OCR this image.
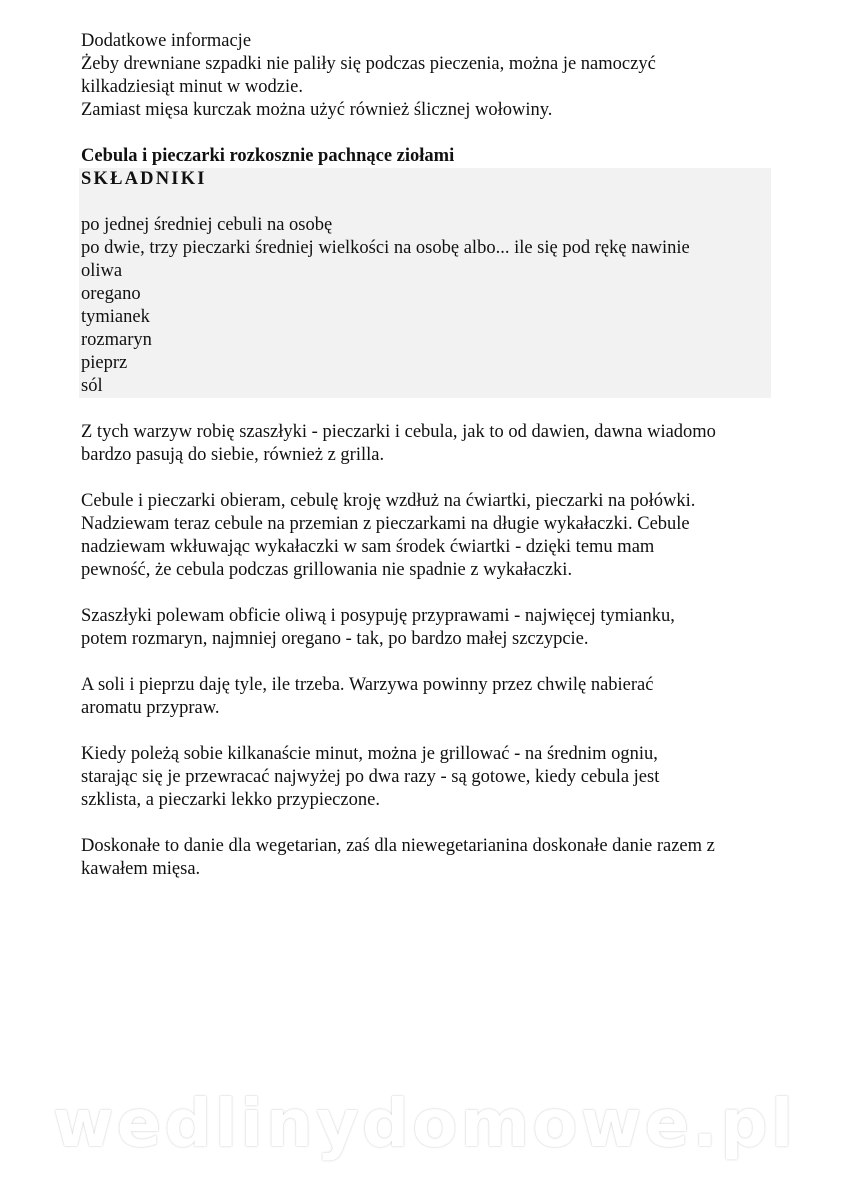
Dodatkowe informacje
Żeby drewniane szpadki nie paliły się podczas pieczenia, można je namoczyć
kilkadziesiąt minut w wodzie.
Zamiast mięsa kurczak można użyć również ślicznej wołowiny.
Cebula i pieczarki rozkosznie pachnące ziołami
SKŁADNIKI
po jednej średniej cebuli na osobę
po dwie, trzy pieczarki średniej wielkości na osobę albo... ile się pod rękę nawinie
oliwa
oregano
tymianek
rozmaryn
pieprz
sól
Z tych warzyw robię szaszłyki - pieczarki i cebula, jak to od dawien, dawna wiadomo
bardzo pasują do siebie, również z grilla.
Cebule i pieczarki obieram, cebulę kroję wzdłuż na ćwiartki, pieczarki na połówki.
Nadziewam teraz cebule na przemian z pieczarkami na długie wykałaczki. Cebule
nadziewam wkłuwając wykałaczki w sam środek ćwiartki - dzięki temu mam
pewność, że cebula podczas grillowania nie spadnie z wykałaczki.
Szaszłyki polewam obficie oliwą i posypuję przyprawami - najwięcej tymianku,
potem rozmaryn, najmniej oregano - tak, po bardzo małej szczypcie.
A soli i pieprzu daję tyle, ile trzeba. Warzywa powinny przez chwilę nabierać
aromatu przypraw.
Kiedy poleżą sobie kilkanaście minut, można je grillować - na średnim ogniu,
starając się je przewracać najwyżej po dwa razy - są gotowe, kiedy cebula jest
szklista, a pieczarki lekko przypieczone.
Doskonałe to danie dla wegetarian, zaś dla niewegetarianina doskonałe danie razem z
kawałem mięsa.
wedlinydomowe.pl
